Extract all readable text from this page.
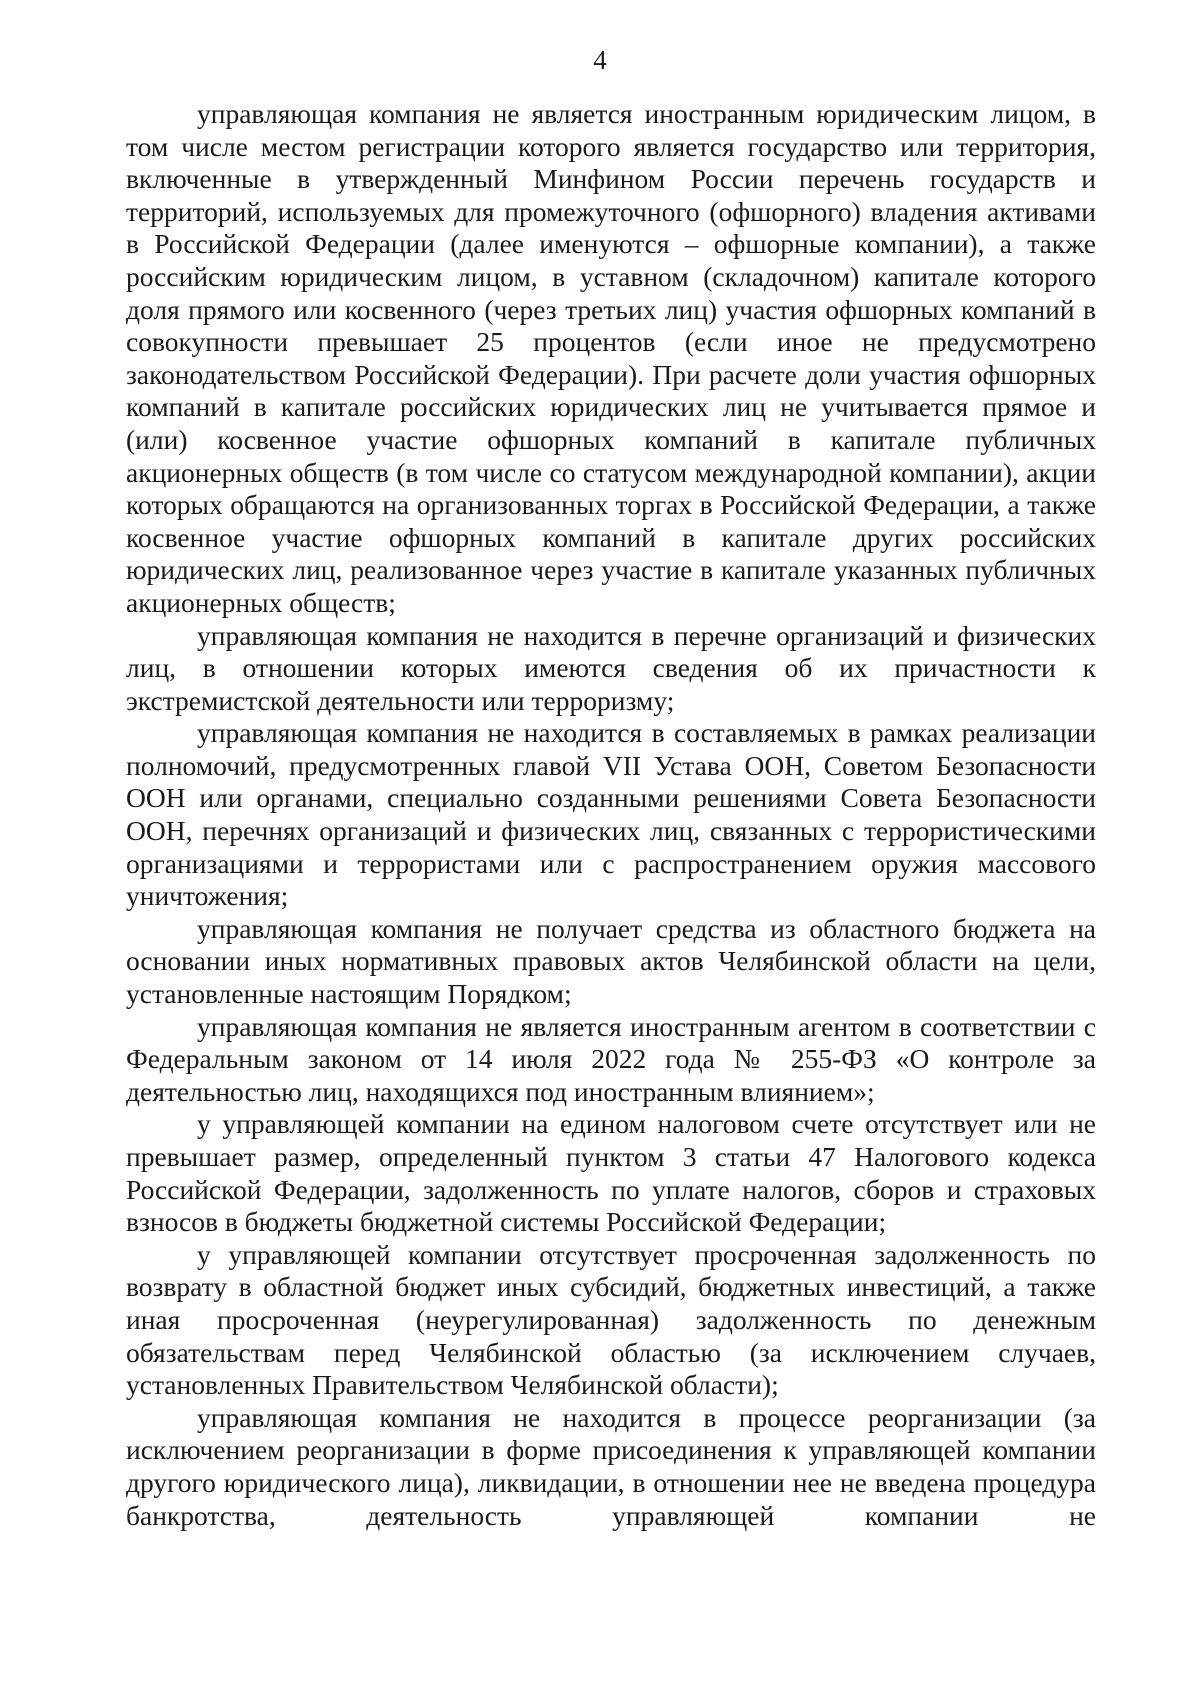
4

управляющая компания не является иностранным юридическим лицом, в том числе местом регистрации которого является государство или территория, включенные в утвержденный Минфином России перечень государств и территорий, используемых для промежуточного (офшорного) владения активами в Российской Федерации (далее именуются – офшорные компании), а также российским юридическим лицом, в уставном (складочном) капитале которого доля прямого или косвенного (через третьих лиц) участия офшорных компаний в совокупности превышает 25 процентов (если иное не предусмотрено законодательством Российской Федерации). При расчете доли участия офшорных компаний в капитале российских юридических лиц не учитывается прямое и (или) косвенное участие офшорных компаний в капитале публичных акционерных обществ (в том числе со статусом международной компании), акции которых обращаются на организованных торгах в Российской Федерации, а также косвенное участие офшорных компаний в капитале других российских юридических лиц, реализованное через участие в капитале указанных публичных акционерных обществ;

управляющая компания не находится в перечне организаций и физических лиц, в отношении которых имеются сведения об их причастности к экстремистской деятельности или терроризму;

управляющая компания не находится в составляемых в рамках реализации полномочий, предусмотренных главой VII Устава ООН, Советом Безопасности ООН или органами, специально созданными решениями Совета Безопасности ООН, перечнях организаций и физических лиц, связанных с террористическими организациями и террористами или с распространением оружия массового уничтожения;

управляющая компания не получает средства из областного бюджета на основании иных нормативных правовых актов Челябинской области на цели, установленные настоящим Порядком;

управляющая компания не является иностранным агентом в соответствии с Федеральным законом от 14 июля 2022 года № 255-ФЗ «О контроле за деятельностью лиц, находящихся под иностранным влиянием»;

у управляющей компании на едином налоговом счете отсутствует или не превышает размер, определенный пунктом 3 статьи 47 Налогового кодекса Российской Федерации, задолженность по уплате налогов, сборов и страховых взносов в бюджеты бюджетной системы Российской Федерации;

у управляющей компании отсутствует просроченная задолженность по возврату в областной бюджет иных субсидий, бюджетных инвестиций, а также иная просроченная (неурегулированная) задолженность по денежным обязательствам перед Челябинской областью (за исключением случаев, установленных Правительством Челябинской области);

управляющая компания не находится в процессе реорганизации (за исключением реорганизации в форме присоединения к управляющей компании другого юридического лица), ликвидации, в отношении нее не введена процедура банкротства, деятельность управляющей компании не
